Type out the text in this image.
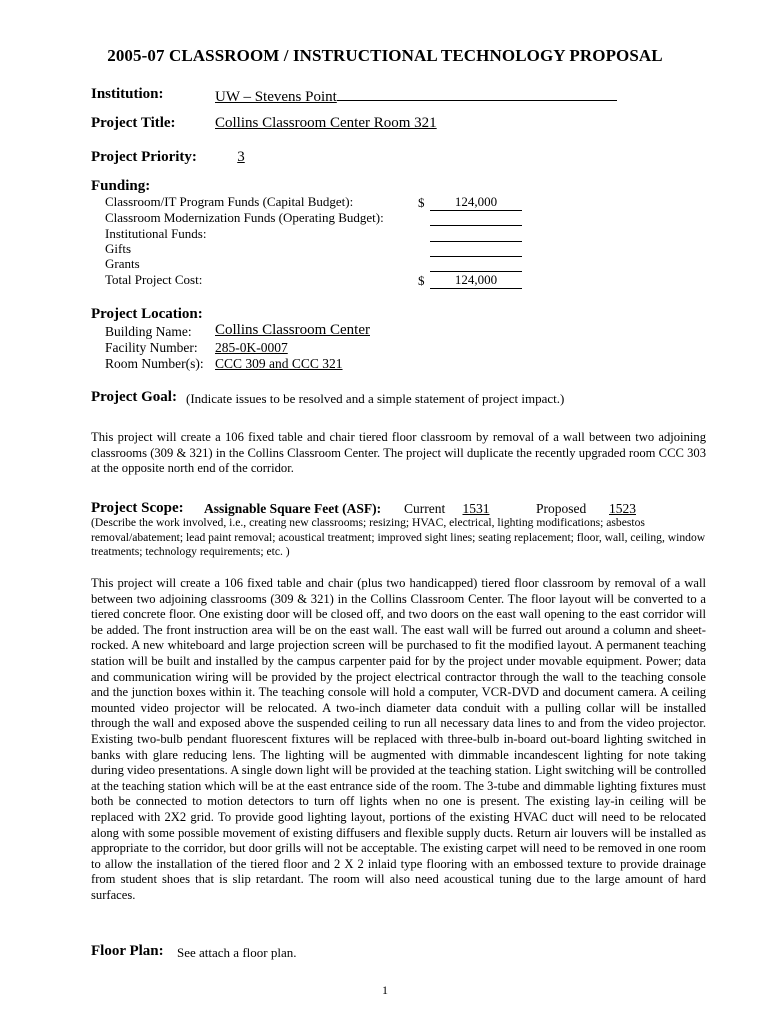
2005-07 CLASSROOM / INSTRUCTIONAL TECHNOLOGY PROPOSAL
Institution:	UW – Stevens Point
Project Title:	Collins Classroom Center Room 321
Project Priority:	3
Funding:
Classroom/IT Program Funds (Capital Budget):	$ 124,000
Classroom Modernization Funds (Operating Budget):
Institutional Funds:
Gifts
Grants
Total Project Cost:	$ 124,000
Project Location:
Building Name: Collins Classroom Center
Facility Number: 285-0K-0007
Room Number(s): CCC 309 and CCC 321
Project Goal: (Indicate issues to be resolved and a simple statement of project impact.)
This project will create a 106 fixed table and chair tiered floor classroom by removal of a wall between two adjoining classrooms (309 & 321) in the Collins Classroom Center. The project will duplicate the recently upgraded room CCC 303 at the opposite north end of the corridor.
Project Scope: Assignable Square Feet (ASF): Current	1531	Proposed	1523
(Describe the work involved, i.e., creating new classrooms; resizing; HVAC, electrical, lighting modifications; asbestos removal/abatement; lead paint removal; acoustical treatment; improved sight lines; seating replacement; floor, wall, ceiling, window treatments; technology requirements; etc. )
This project will create a 106 fixed table and chair (plus two handicapped) tiered floor classroom by removal of a wall between two adjoining classrooms (309 & 321) in the Collins Classroom Center. The floor layout will be converted to a tiered concrete floor. One existing door will be closed off, and two doors on the east wall opening to the east corridor will be added. The front instruction area will be on the east wall. The east wall will be furred out around a column and sheet-rocked. A new whiteboard and large projection screen will be purchased to fit the modified layout. A permanent teaching station will be built and installed by the campus carpenter paid for by the project under movable equipment. Power; data and communication wiring will be provided by the project electrical contractor through the wall to the teaching console and the junction boxes within it. The teaching console will hold a computer, VCR-DVD and document camera. A ceiling mounted video projector will be relocated. A two-inch diameter data conduit with a pulling collar will be installed through the wall and exposed above the suspended ceiling to run all necessary data lines to and from the video projector. Existing two-bulb pendant fluorescent fixtures will be replaced with three-bulb in-board out-board lighting switched in banks with glare reducing lens. The lighting will be augmented with dimmable incandescent lighting for note taking during video presentations. A single down light will be provided at the teaching station. Light switching will be controlled at the teaching station which will be at the east entrance side of the room. The 3-tube and dimmable lighting fixtures must both be connected to motion detectors to turn off lights when no one is present. The existing lay-in ceiling will be replaced with 2X2 grid. To provide good lighting layout, portions of the existing HVAC duct will need to be relocated along with some possible movement of existing diffusers and flexible supply ducts. Return air louvers will be installed as appropriate to the corridor, but door grills will not be acceptable. The existing carpet will need to be removed in one room to allow the installation of the tiered floor and 2 X 2 inlaid type flooring with an embossed texture to provide drainage from student shoes that is slip retardant. The room will also need acoustical tuning due to the large amount of hard surfaces.
Floor Plan: See attach a floor plan.
1
